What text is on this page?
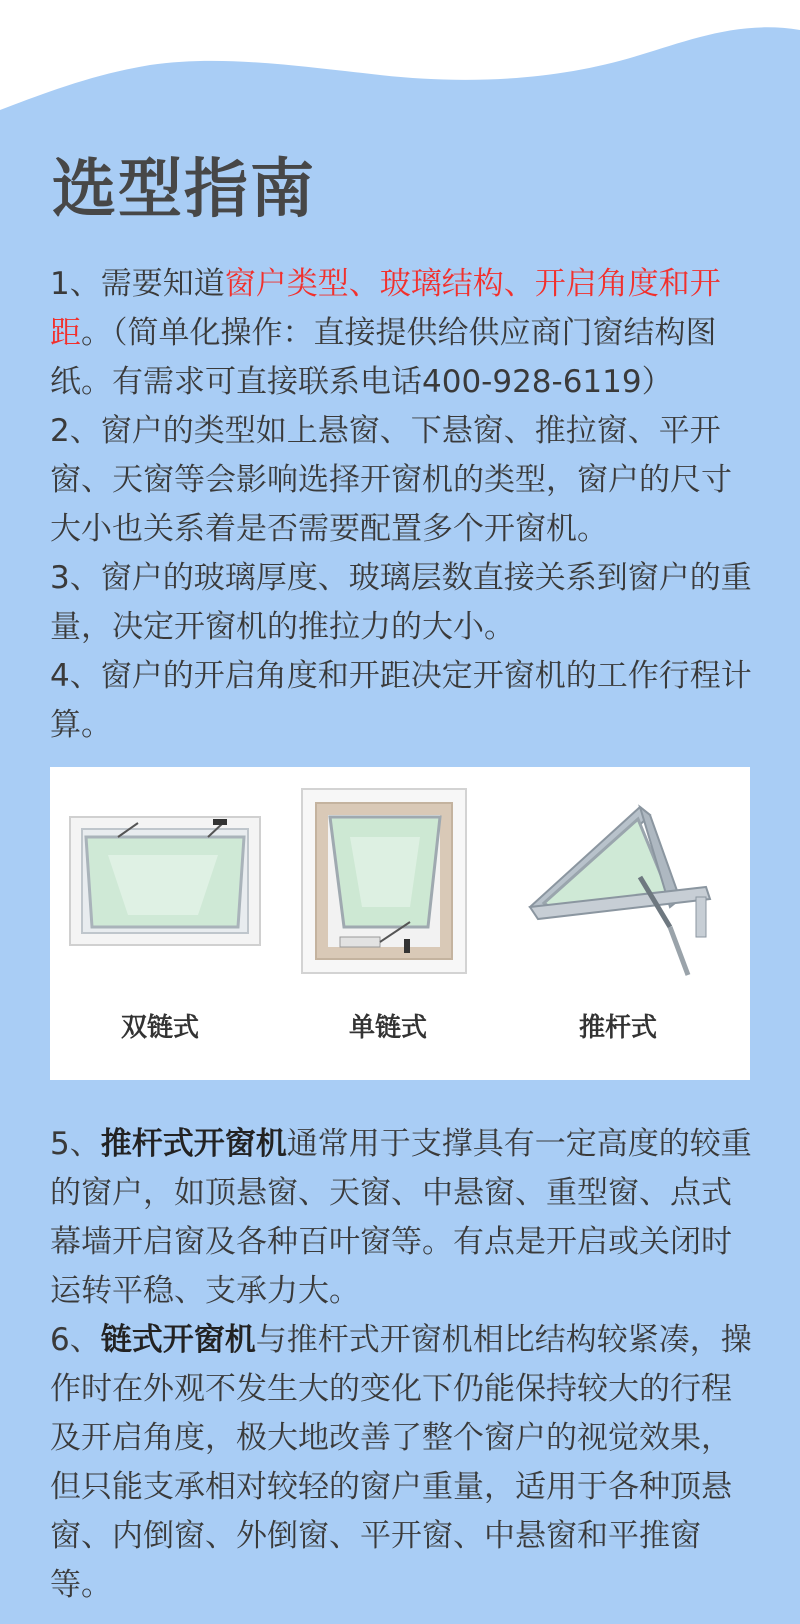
选型指南

1、需要知道窗户类型、玻璃结构、开启角度和开距。（简单化操作：直接提供给供应商门窗结构图纸。有需求可直接联系电话400-928-6119）

2、窗户的类型如上悬窗、下悬窗、推拉窗、平开窗、天窗等会影响选择开窗机的类型，窗户的尺寸大小也关系着是否需要配置多个开窗机。

3、窗户的玻璃厚度、玻璃层数直接关系到窗户的重量，决定开窗机的推拉力的大小。

4、窗户的开启角度和开距决定开窗机的工作行程计算。

双链式	单链式	推杆式

5、推杆式开窗机通常用于支撑具有一定高度的较重的窗户，如顶悬窗、天窗、中悬窗、重型窗、点式幕墙开启窗及各种百叶窗等。有点是开启或关闭时运转平稳、支承力大。

6、链式开窗机与推杆式开窗机相比结构较紧凑，操作时在外观不发生大的变化下仍能保持较大的行程及开启角度，极大地改善了整个窗户的视觉效果，但只能支承相对较轻的窗户重量，适用于各种顶悬窗、内倒窗、外倒窗、平开窗、中悬窗和平推窗等。
